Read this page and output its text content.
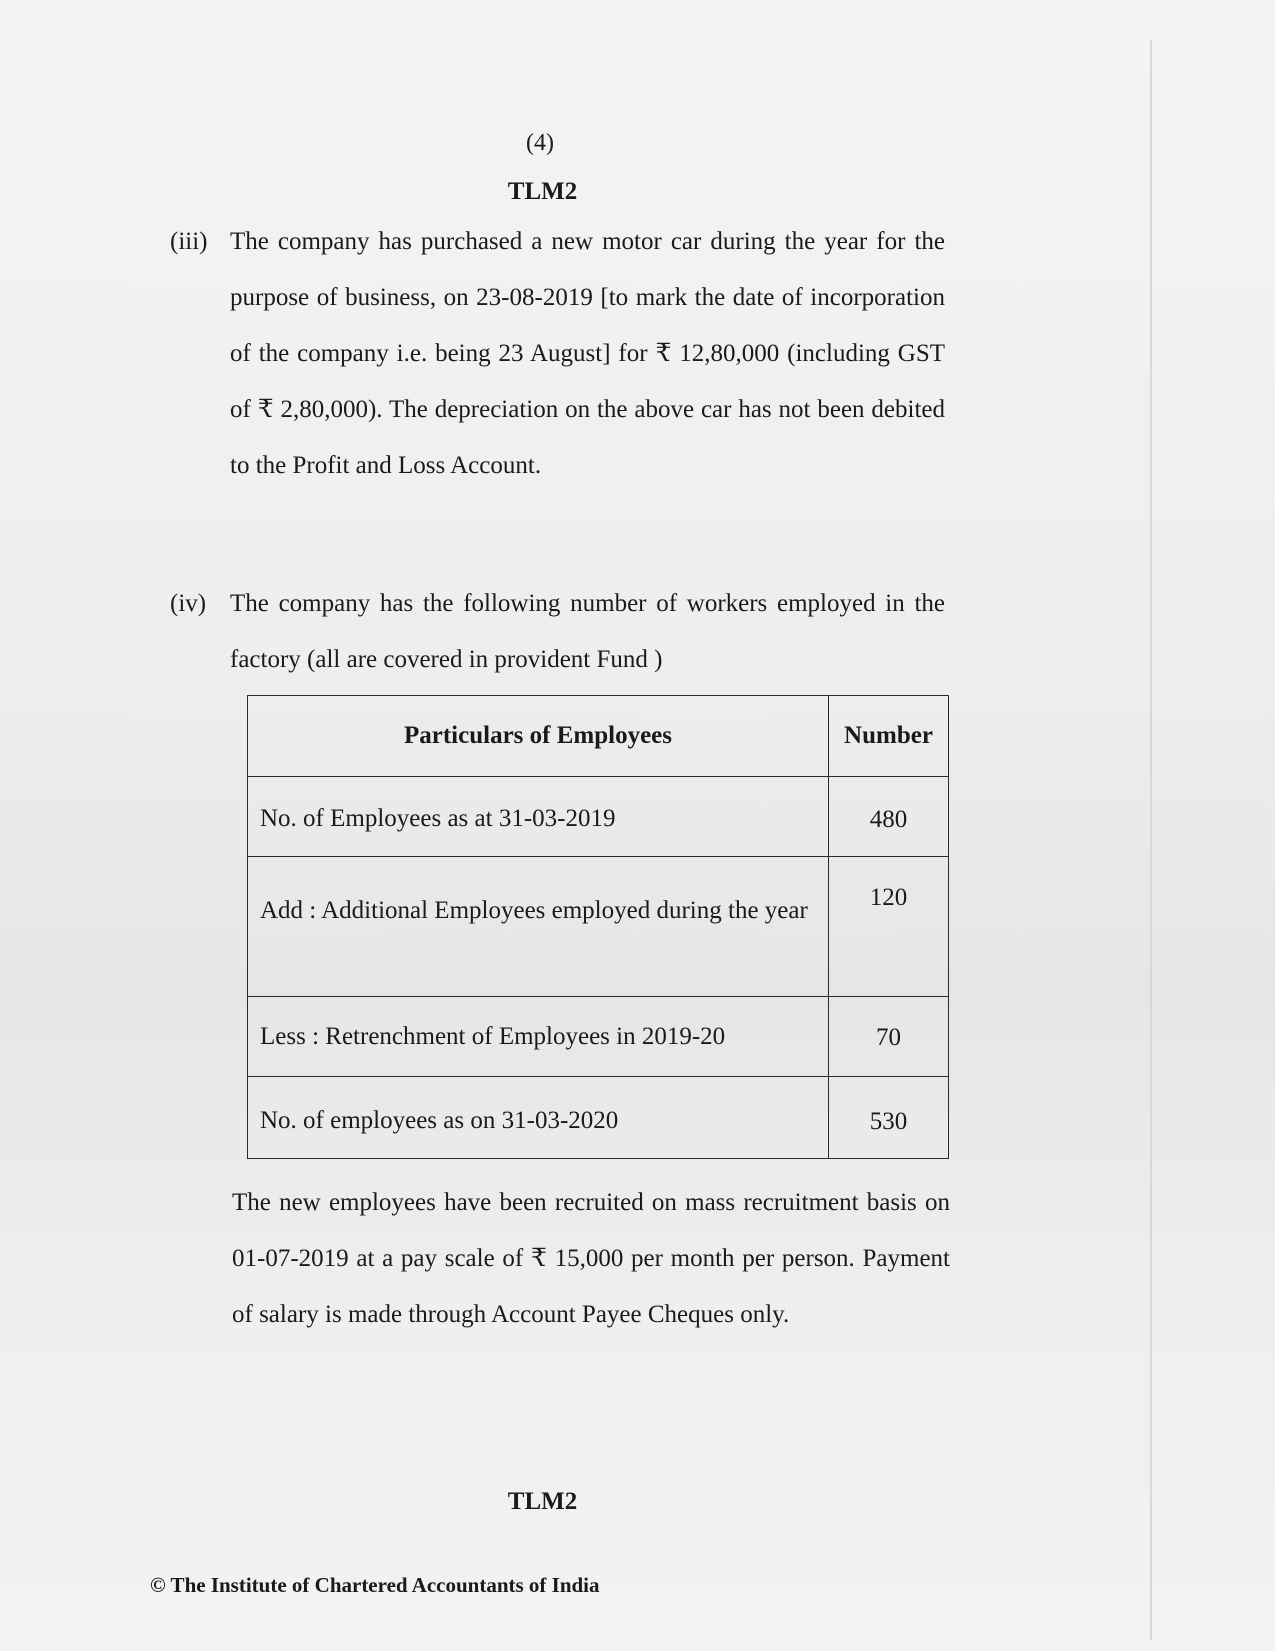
(4)
TLM2
(iii) The company has purchased a new motor car during the year for the purpose of business, on 23-08-2019 [to mark the date of incorporation of the company i.e. being 23 August] for ₹ 12,80,000 (including GST of ₹ 2,80,000). The depreciation on the above car has not been debited to the Profit and Loss Account.
(iv) The company has the following number of workers employed in the factory (all are covered in provident Fund )
Particulars of Employees	Number
No. of Employees as at 31-03-2019	480
Add : Additional Employees employed during the year	120
Less : Retrenchment of Employees in 2019-20	70
No. of employees as on 31-03-2020	530
The new employees have been recruited on mass recruitment basis on 01-07-2019 at a pay scale of ₹ 15,000 per month per person. Payment of salary is made through Account Payee Cheques only.
TLM2
© The Institute of Chartered Accountants of India
